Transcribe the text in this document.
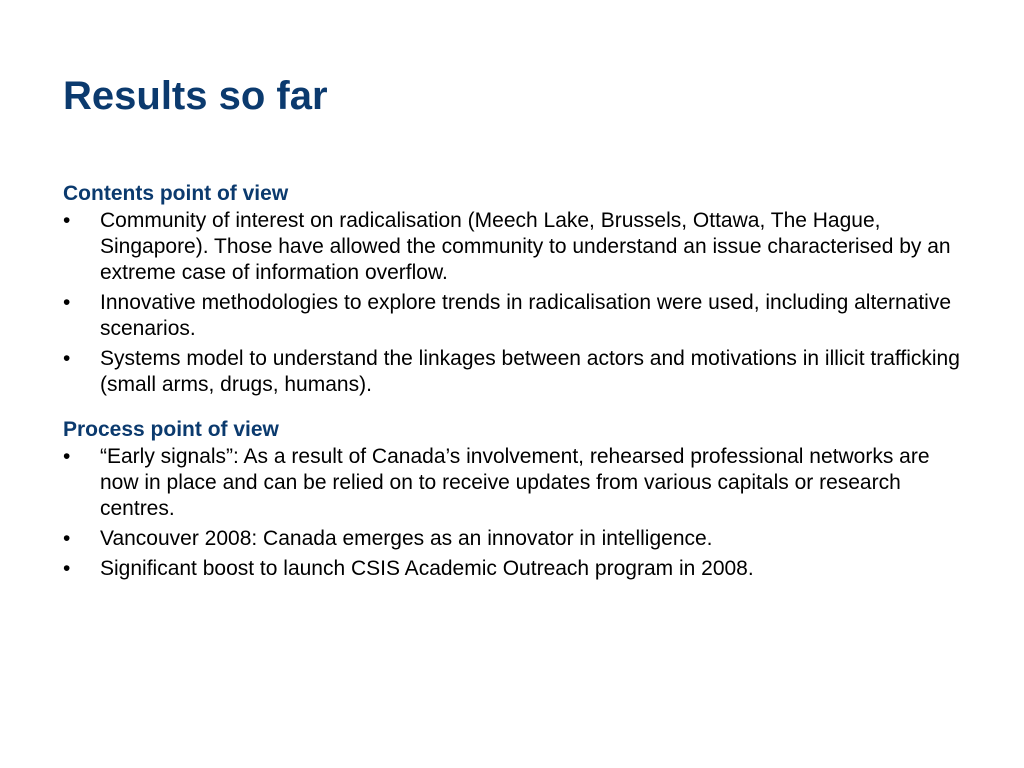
Results so far
Contents point of view
•	Community of interest on radicalisation (Meech Lake, Brussels, Ottawa, The Hague, Singapore). Those have allowed the community to understand an issue characterised by an extreme case of information overflow.
•	Innovative methodologies to explore trends in radicalisation were used, including alternative scenarios.
•	Systems model to understand the linkages between actors and motivations in illicit trafficking (small arms, drugs, humans).
Process point of view
•	“Early signals”: As a result of Canada’s involvement, rehearsed professional networks are now in place and can be relied on to receive updates from various capitals or research centres.
•	Vancouver 2008: Canada emerges as an innovator in intelligence.
•	Significant boost to launch CSIS Academic Outreach program in 2008.
